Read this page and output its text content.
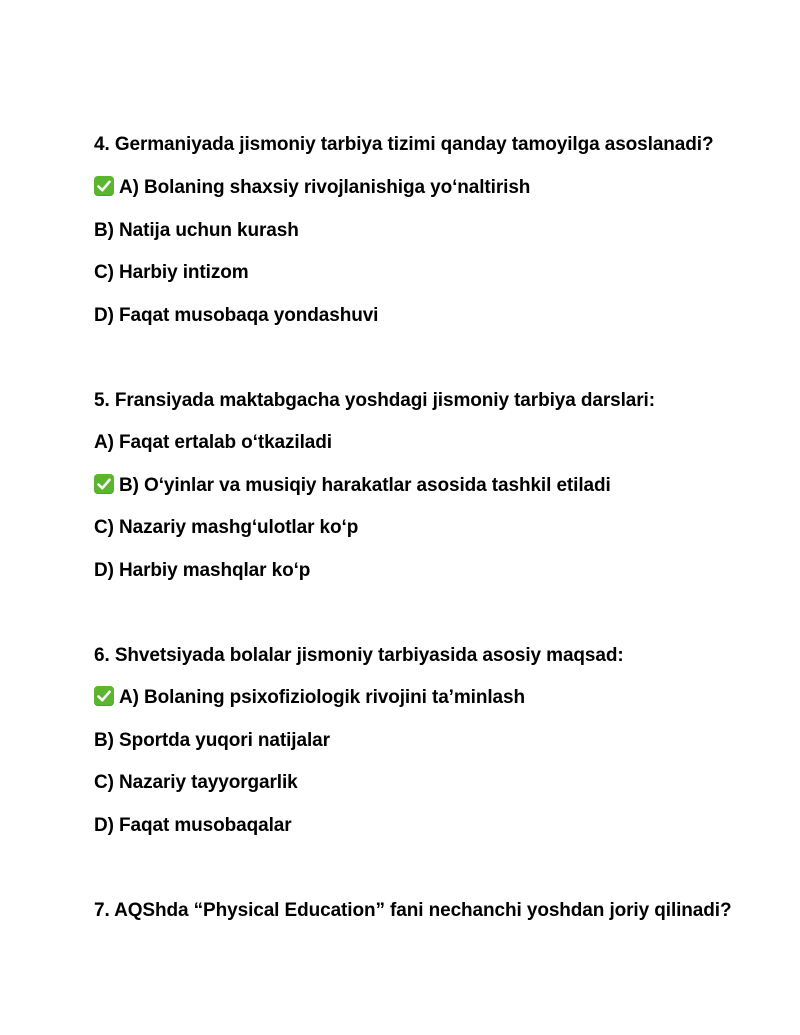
4. Germaniyada jismoniy tarbiya tizimi qanday tamoyilga asoslanadi?
A) Bolaning shaxsiy rivojlanishiga yo‘naltirish
B) Natija uchun kurash
C) Harbiy intizom
D) Faqat musobaqa yondashuvi
5. Fransiyada maktabgacha yoshdagi jismoniy tarbiya darslari:
A) Faqat ertalab o‘tkaziladi
B) O‘yinlar va musiqiy harakatlar asosida tashkil etiladi
C) Nazariy mashg‘ulotlar ko‘p
D) Harbiy mashqlar ko‘p
6. Shvetsiyada bolalar jismoniy tarbiyasida asosiy maqsad:
A) Bolaning psixofiziologik rivojini ta’minlash
B) Sportda yuqori natijalar
C) Nazariy tayyorgarlik
D) Faqat musobaqalar
7. AQShda “Physical Education” fani nechanchi yoshdan joriy qilinadi?
